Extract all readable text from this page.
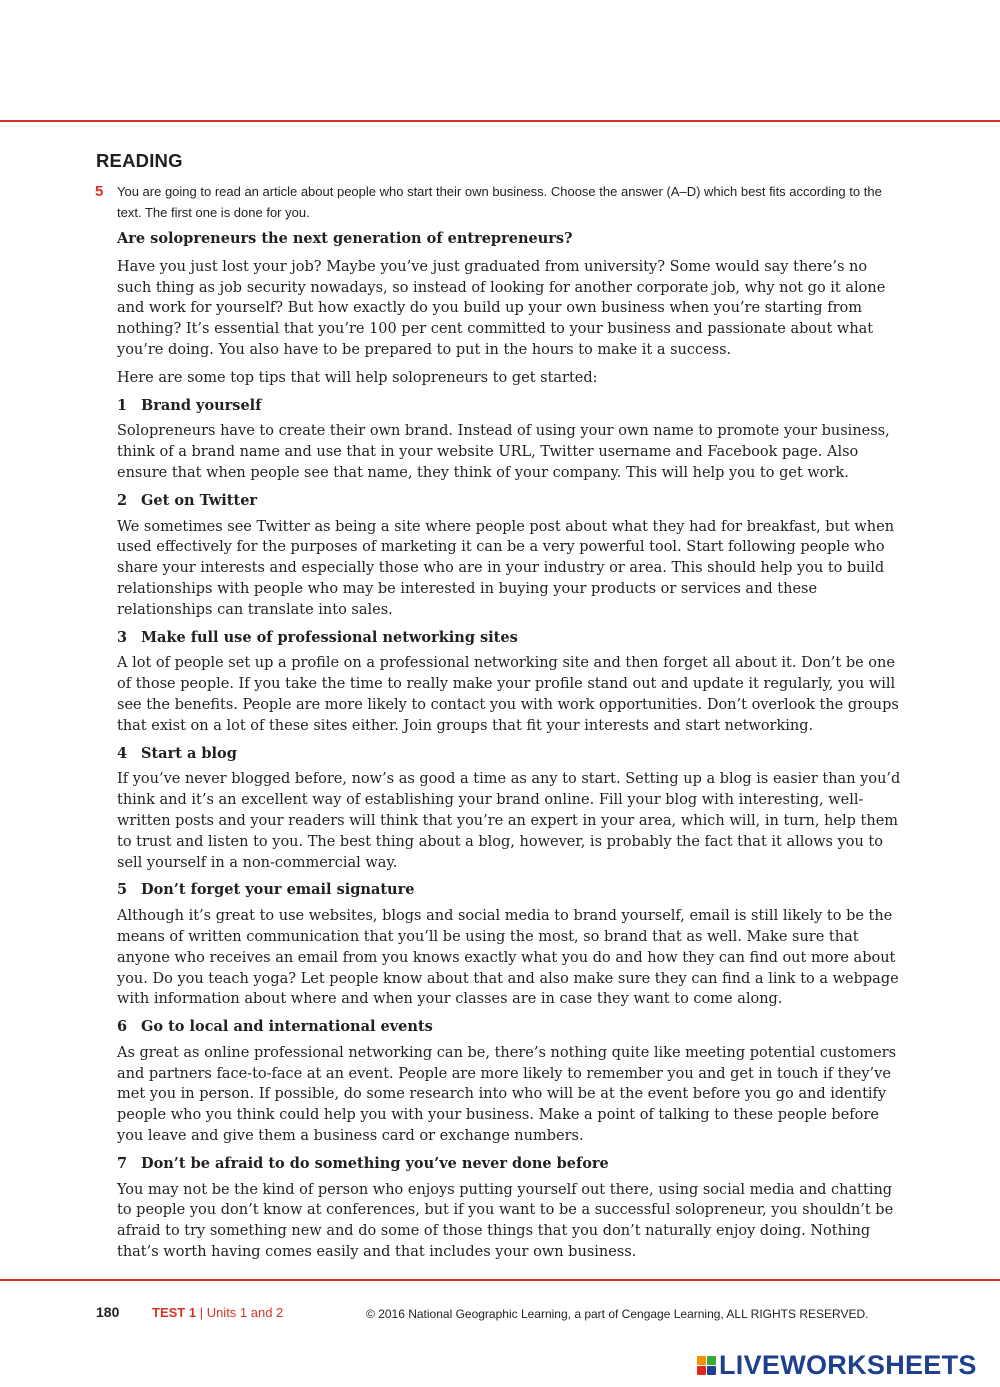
READING
5 You are going to read an article about people who start their own business. Choose the answer (A–D) which best fits according to the text. The first one is done for you.
Are solopreneurs the next generation of entrepreneurs?

Have you just lost your job? Maybe you’ve just graduated from university? Some would say there’s no such thing as job security nowadays, so instead of looking for another corporate job, why not go it alone and work for yourself? But how exactly do you build up your own business when you’re starting from nothing? It’s essential that you’re 100 per cent committed to your business and passionate about what you’re doing. You also have to be prepared to put in the hours to make it a success.

Here are some top tips that will help solopreneurs to get started:

1 Brand yourself

Solopreneurs have to create their own brand. Instead of using your own name to promote your business, think of a brand name and use that in your website URL, Twitter username and Facebook page. Also ensure that when people see that name, they think of your company. This will help you to get work.

2 Get on Twitter

We sometimes see Twitter as being a site where people post about what they had for breakfast, but when used effectively for the purposes of marketing it can be a very powerful tool. Start following people who share your interests and especially those who are in your industry or area. This should help you to build relationships with people who may be interested in buying your products or services and these relationships can translate into sales.

3 Make full use of professional networking sites

A lot of people set up a profile on a professional networking site and then forget all about it. Don’t be one of those people. If you take the time to really make your profile stand out and update it regularly, you will see the benefits. People are more likely to contact you with work opportunities. Don’t overlook the groups that exist on a lot of these sites either. Join groups that fit your interests and start networking.

4 Start a blog

If you’ve never blogged before, now’s as good a time as any to start. Setting up a blog is easier than you’d think and it’s an excellent way of establishing your brand online. Fill your blog with interesting, well-written posts and your readers will think that you’re an expert in your area, which will, in turn, help them to trust and listen to you. The best thing about a blog, however, is probably the fact that it allows you to sell yourself in a non-commercial way.

5 Don’t forget your email signature

Although it’s great to use websites, blogs and social media to brand yourself, email is still likely to be the means of written communication that you’ll be using the most, so brand that as well. Make sure that anyone who receives an email from you knows exactly what you do and how they can find out more about you. Do you teach yoga? Let people know about that and also make sure they can find a link to a webpage with information about where and when your classes are in case they want to come along.

6 Go to local and international events

As great as online professional networking can be, there’s nothing quite like meeting potential customers and partners face-to-face at an event. People are more likely to remember you and get in touch if they’ve met you in person. If possible, do some research into who will be at the event before you go and identify people who you think could help you with your business. Make a point of talking to these people before you leave and give them a business card or exchange numbers.

7 Don’t be afraid to do something you’ve never done before

You may not be the kind of person who enjoys putting yourself out there, using social media and chatting to people you don’t know at conferences, but if you want to be a successful solopreneur, you shouldn’t be afraid to try something new and do some of those things that you don’t naturally enjoy doing. Nothing that’s worth having comes easily and that includes your own business.

180	TEST 1 | Units 1 and 2	© 2016 National Geographic Learning, a part of Cengage Learning, ALL RIGHTS RESERVED.
LIVEWORKSHEETS
